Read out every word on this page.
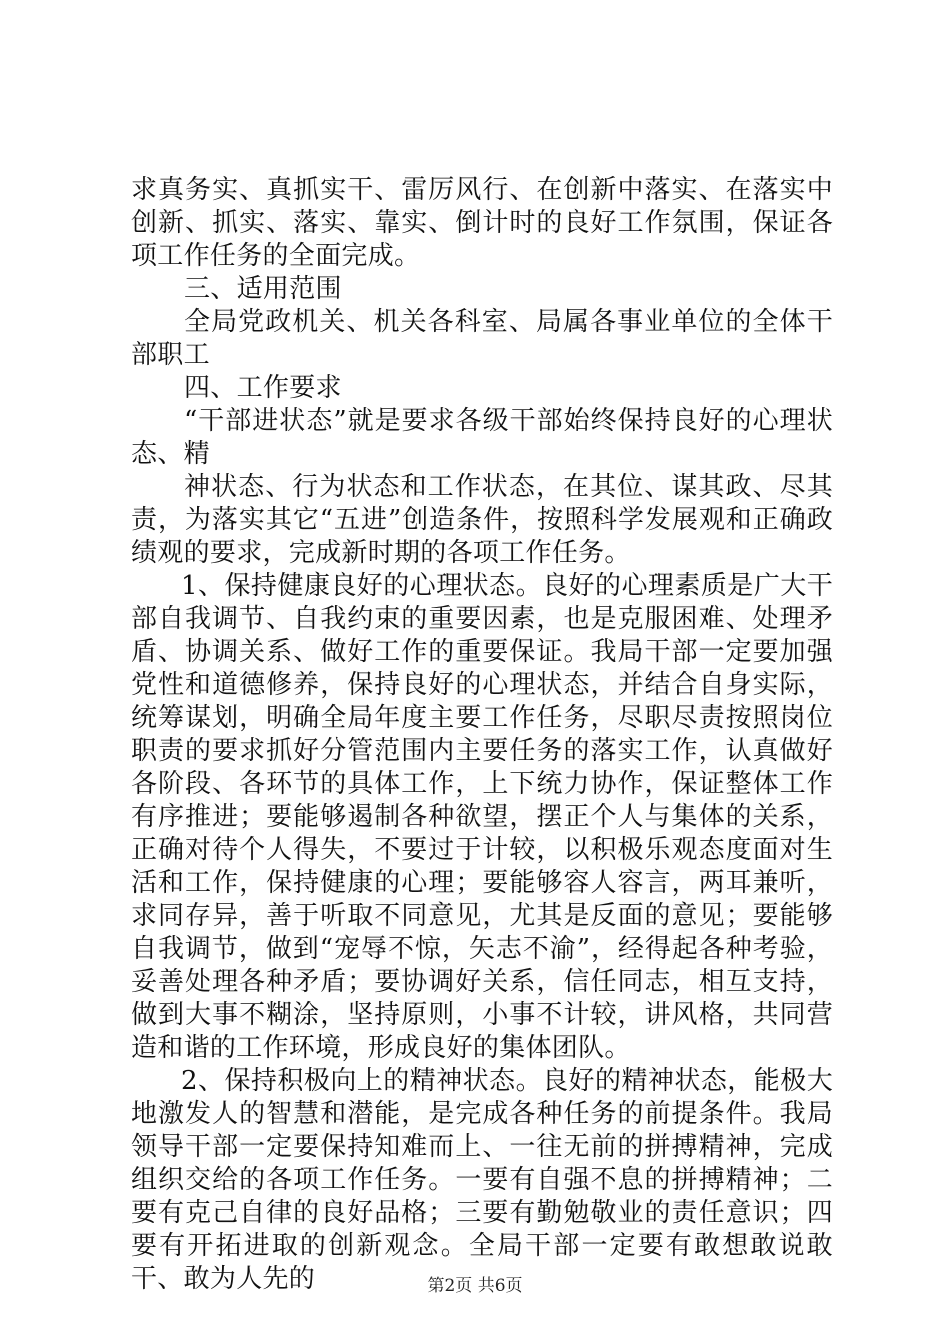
求真务实、真抓实干、雷厉风行、在创新中落实、在落实中创新、抓实、落实、靠实、倒计时的良好工作氛围，保证各项工作任务的全面完成。

三、适用范围

全局党政机关、机关各科室、局属各事业单位的全体干部职工

四、工作要求

“干部进状态”就是要求各级干部始终保持良好的心理状态、精

神状态、行为状态和工作状态，在其位、谋其政、尽其责，为落实其它“五进”创造条件，按照科学发展观和正确政绩观的要求，完成新时期的各项工作任务。

1、保持健康良好的心理状态。良好的心理素质是广大干部自我调节、自我约束的重要因素，也是克服困难、处理矛盾、协调关系、做好工作的重要保证。我局干部一定要加强党性和道德修养，保持良好的心理状态，并结合自身实际，统筹谋划，明确全局年度主要工作任务，尽职尽责按照岗位职责的要求抓好分管范围内主要任务的落实工作，认真做好各阶段、各环节的具体工作，上下统力协作，保证整体工作有序推进；要能够遏制各种欲望，摆正个人与集体的关系，正确对待个人得失，不要过于计较，以积极乐观态度面对生活和工作，保持健康的心理；要能够容人容言，两耳兼听，求同存异，善于听取不同意见，尤其是反面的意见；要能够自我调节，做到“宠辱不惊，矢志不渝”，经得起各种考验，妥善处理各种矛盾；要协调好关系，信任同志，相互支持，做到大事不糊涂，坚持原则，小事不计较，讲风格，共同营造和谐的工作环境，形成良好的集体团队。

2、保持积极向上的精神状态。良好的精神状态，能极大地激发人的智慧和潜能，是完成各种任务的前提条件。我局领导干部一定要保持知难而上、一往无前的拼搏精神，完成组织交给的各项工作任务。一要有自强不息的拼搏精神；二要有克己自律的良好品格；三要有勤勉敬业的责任意识；四要有开拓进取的创新观念。全局干部一定要有敢想敢说敢干、敢为人先的	第2页 共6页
